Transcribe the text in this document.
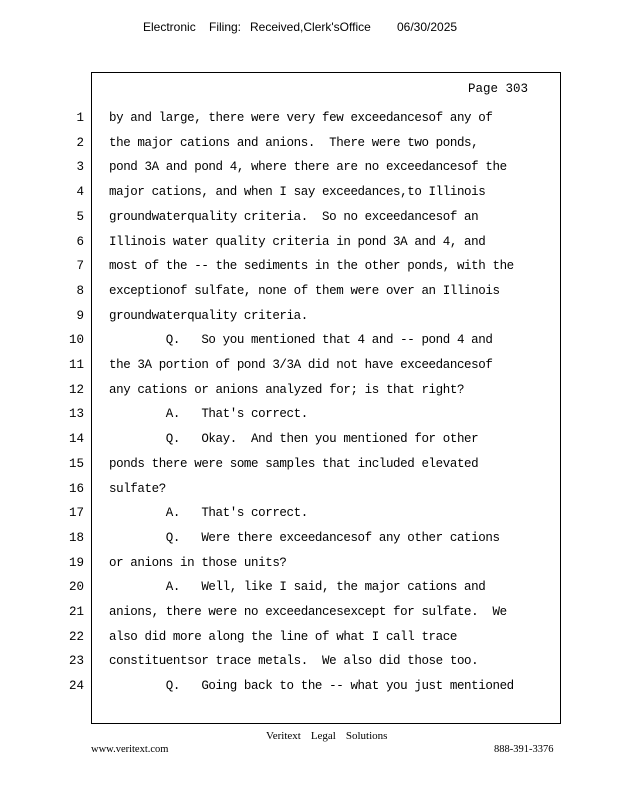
Electronic Filing: Received,Clerk'sOffice 06/30/2025
Page 303
1 by and large, there were very few exceedancesof any of
2 the major cations and anions.  There were two ponds,
3 pond 3A and pond 4, where there are no exceedancesof the
4 major cations, and when I say exceedances,to Illinois
5 groundwaterquality criteria.  So no exceedancesof an
6 Illinois water quality criteria in pond 3A and 4, and
7 most of the -- the sediments in the other ponds, with the
8 exceptionof sulfate, none of them were over an Illinois
9 groundwaterquality criteria.
10 Q.   So you mentioned that 4 and -- pond 4 and
11 the 3A portion of pond 3/3A did not have exceedancesof
12 any cations or anions analyzed for; is that right?
13 A.   That's correct.
14 Q.   Okay.  And then you mentioned for other
15 ponds there were some samples that included elevated
16 sulfate?
17 A.   That's correct.
18 Q.   Were there exceedancesof any other cations
19 or anions in those units?
20 A.   Well, like I said, the major cations and
21 anions, there were no exceedancesexcept for sulfate.  We
22 also did more along the line of what I call trace
23 constituentsor trace metals.  We also did those too.
24 Q.   Going back to the -- what you just mentioned
Veritext Legal Solutions
www.veritext.com	888-391-3376
